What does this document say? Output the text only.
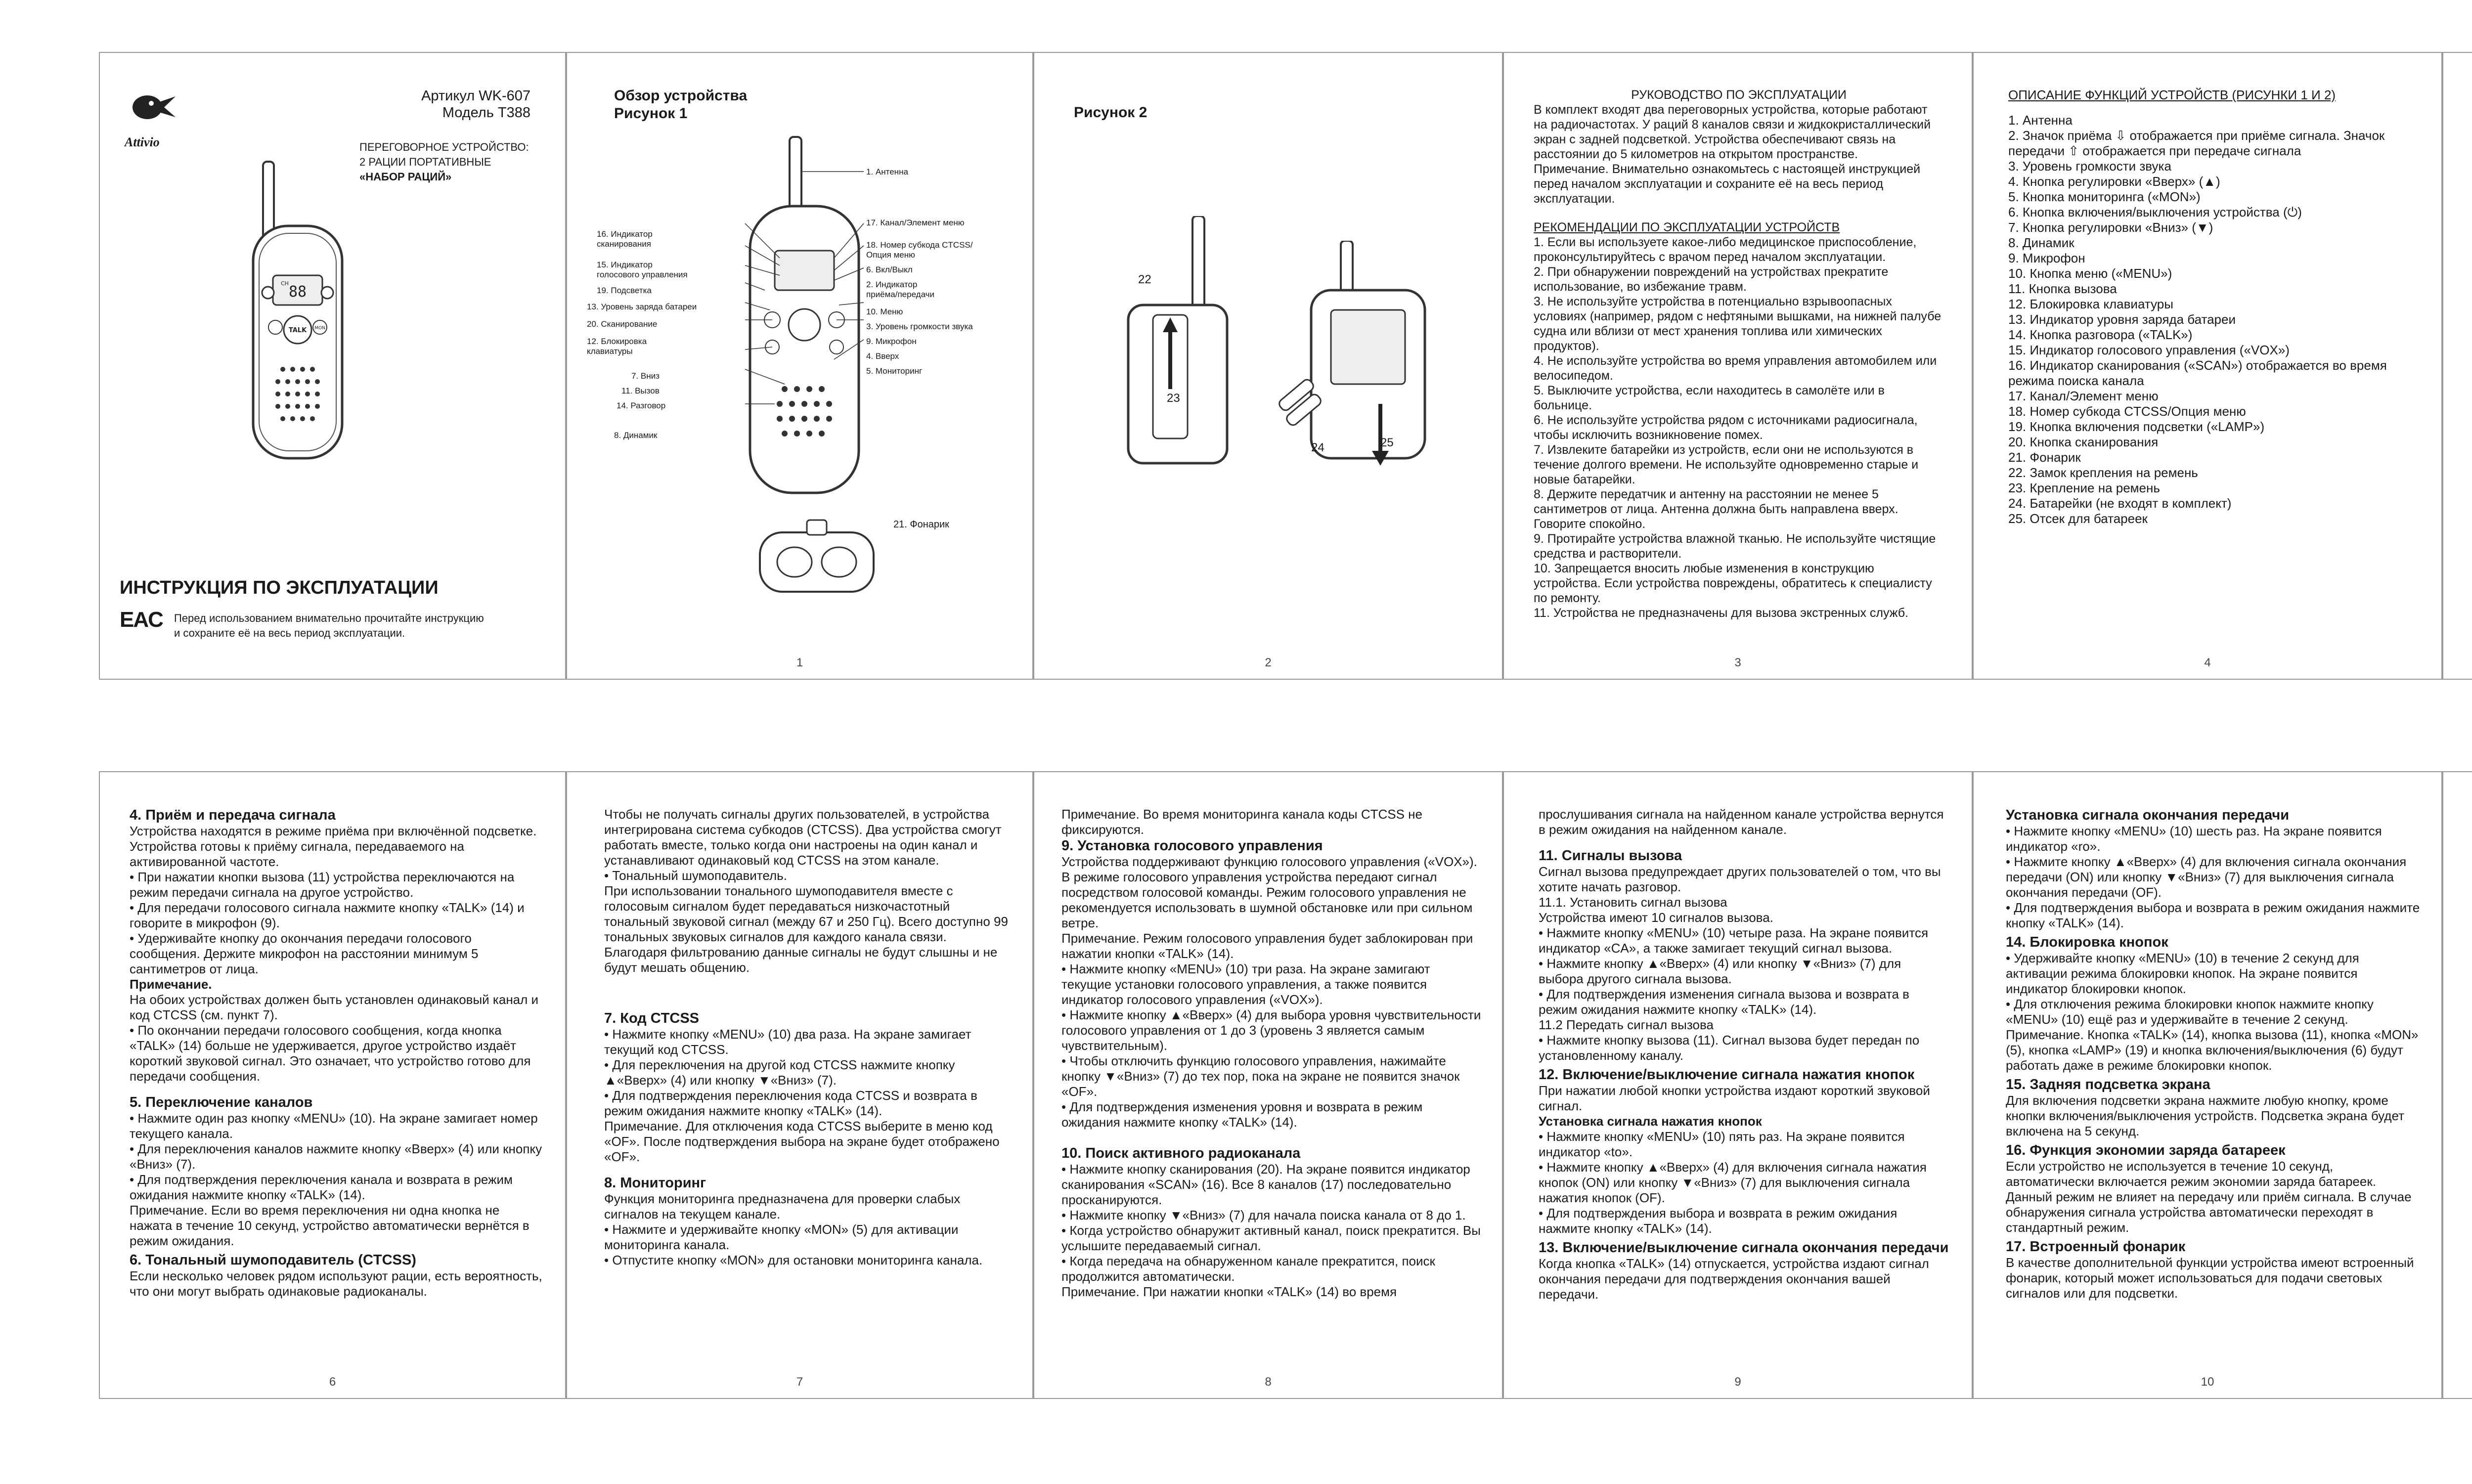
Attivio
Артикул WK-607
Модель T388
ПЕРЕГОВОРНОЕ УСТРОЙСТВО:
2 РАЦИИ ПОРТАТИВНЫЕ
«НАБОР РАЦИЙ»
88
CH
TALK MON
ИНСТРУКЦИЯ ПО ЭКСПЛУАТАЦИИ
EAC Перед использованием внимательно прочитайте инструкцию
и сохраните её на весь период эксплуатации.
Обзор устройства
Рисунок 1
16. Индикатор
сканирования
15. Индикатор
голосового управления
19. Подсветка
13. Уровень заряда батареи
20. Сканирование
12. Блокировка
клавиатуры
7. Вниз
11. Вызов
14. Разговор
8. Динамик
1. Антенна
17. Канал/Элемент меню
18. Номер субкода CTCSS/
Опция меню
6. Вкл/Выкл
2. Индикатор
приёма/передачи
10. Меню
3. Уровень громкости звука
9. Микрофон
4. Вверх
5. Мониторинг
21. Фонарик
1
Рисунок 2
22
23
24	25
2

РУКОВОДСТВО ПО ЭКСПЛУАТАЦИИ

В комплект входят два переговорных устройства, которые работают на радиочастотах. У раций 8 каналов связи и жидкокристаллический экран с задней подсветкой. Устройства обеспечивают связь на расстоянии до 5 километров на открытом пространстве.

Примечание. Внимательно ознакомьтесь с настоящей инструкцией перед началом эксплуатации и сохраните её на весь период эксплуатации.

РЕКОМЕНДАЦИИ ПО ЭКСПЛУАТАЦИИ УСТРОЙСТВ

1. Если вы используете какое-либо медицинское приспособление, проконсультируйтесь с врачом перед началом эксплуатации.

2. При обнаружении повреждений на устройствах прекратите использование, во избежание травм.

3. Не используйте устройства в потенциально взрывоопасных условиях (например, рядом с нефтяными вышками, на нижней палубе судна или вблизи от мест хранения топлива или химических продуктов).

4. Не используйте устройства во время управления автомобилем или велосипедом.

5. Выключите устройства, если находитесь в самолёте или в больнице.

6. Не используйте устройства рядом с источниками радиосигнала, чтобы исключить возникновение помех.

7. Извлеките батарейки из устройств, если они не используются в течение долгого времени. Не используйте одновременно старые и новые батарейки.

8. Держите передатчик и антенну на расстоянии не менее 5 сантиметров от лица. Антенна должна быть направлена вверх. Говорите спокойно.

9. Протирайте устройства влажной тканью. Не используйте чистящие средства и растворители.

10. Запрещается вносить любые изменения в конструкцию устройства. Если устройства повреждены, обратитесь к специалисту по ремонту.

11. Устройства не предназначены для вызова экстренных служб.

3

ОПИСАНИЕ ФУНКЦИЙ УСТРОЙСТВ (РИСУНКИ 1 И 2)

1. Антенна

2. Значок приёма ⇩ отображается при приёме сигнала. Значок передачи ⇧ отображается при передаче сигнала

3. Уровень громкости звука

4. Кнопка регулировки «Вверх» (▲)

5. Кнопка мониторинга («MON»)

6. Кнопка включения/выключения устройства (⏻)

7. Кнопка регулировки «Вниз» (▼)

8. Динамик

9. Микрофон

10. Кнопка меню («MENU»)

11. Кнопка вызова

12. Блокировка клавиатуры

13. Индикатор уровня заряда батареи

14. Кнопка разговора («TALK»)

15. Индикатор голосового управления («VOX»)

16. Индикатор сканирования («SCAN») отображается во время режима поиска канала

17. Канал/Элемент меню

18. Номер субкода CTCSS/Опция меню

19. Кнопка включения подсветки («LAMP»)

20. Кнопка сканирования

21. Фонарик

22. Замок крепления на ремень

23. Крепление на ремень

24. Батарейки (не входят в комплект)

25. Отсек для батареек

4

4. Приём и передача сигнала

Устройства находятся в режиме приёма при включённой подсветке. Устройства готовы к приёму сигнала, передаваемого на активированной частоте.

• При нажатии кнопки вызова (11) устройства переключаются на режим передачи сигнала на другое устройство.

• Для передачи голосового сигнала нажмите кнопку «TALK» (14) и говорите в микрофон (9).

• Удерживайте кнопку до окончания передачи голосового сообщения. Держите микрофон на расстоянии минимум 5 сантиметров от лица.

Примечание.

На обоих устройствах должен быть установлен одинаковый канал и код CTCSS (см. пункт 7).

• По окончании передачи голосового сообщения, когда кнопка «TALK» (14) больше не удерживается, другое устройство издаёт короткий звуковой сигнал. Это означает, что устройство готово для передачи сообщения.

5. Переключение каналов

• Нажмите один раз кнопку «MENU» (10). На экране замигает номер текущего канала.

• Для переключения каналов нажмите кнопку «Вверх» (4) или кнопку «Вниз» (7).

• Для подтверждения переключения канала и возврата в режим ожидания нажмите кнопку «TALK» (14).

Примечание. Если во время переключения ни одна кнопка не нажата в течение 10 секунд, устройство автоматически вернётся в режим ожидания.

6. Тональный шумоподавитель (CTCSS)

Если несколько человек рядом используют рации, есть вероятность, что они могут выбрать одинаковые радиоканалы.

6

Чтобы не получать сигналы других пользователей, в устройства интегрирована система субкодов (CTCSS). Два устройства смогут работать вместе, только когда они настроены на один канал и устанавливают одинаковый код CTCSS на этом канале.

• Тональный шумоподавитель.

При использовании тонального шумоподавителя вместе с голосовым сигналом будет передаваться низкочастотный тональный звуковой сигнал (между 67 и 250 Гц). Всего доступно 99 тональных звуковых сигналов для каждого канала связи. Благодаря фильтрованию данные сигналы не будут слышны и не будут мешать общению.

7. Код CTCSS

• Нажмите кнопку «MENU» (10) два раза. На экране замигает текущий код CTCSS.

• Для переключения на другой код CTCSS нажмите кнопку ▲«Вверх» (4) или кнопку ▼«Вниз» (7).

• Для подтверждения переключения кода CTCSS и возврата в режим ожидания нажмите кнопку «TALK» (14).

Примечание. Для отключения кода CTCSS выберите в меню код «OF». После подтверждения выбора на экране будет отображено «OF».

8. Мониторинг

Функция мониторинга предназначена для проверки слабых сигналов на текущем канале.

• Нажмите и удерживайте кнопку «MON» (5) для активации мониторинга канала.

• Отпустите кнопку «MON» для остановки мониторинга канала.

7

Примечание. Во время мониторинга канала коды CTCSS не фиксируются.

9. Установка голосового управления

Устройства поддерживают функцию голосового управления («VOX»). В режиме голосового управления устройства передают сигнал посредством голосовой команды. Режим голосового управления не рекомендуется использовать в шумной обстановке или при сильном ветре.

Примечание. Режим голосового управления будет заблокирован при нажатии кнопки «TALK» (14).

• Нажмите кнопку «MENU» (10) три раза. На экране замигают текущие установки голосового управления, а также появится индикатор голосового управления («VOX»).

• Нажмите кнопку ▲«Вверх» (4) для выбора уровня чувствительности голосового управления от 1 до 3 (уровень 3 является самым чувствительным).

• Чтобы отключить функцию голосового управления, нажимайте кнопку ▼«Вниз» (7) до тех пор, пока на экране не появится значок «OF».

• Для подтверждения изменения уровня и возврата в режим ожидания нажмите кнопку «TALK» (14).

10. Поиск активного радиоканала

• Нажмите кнопку сканирования (20). На экране появится индикатор сканирования «SCAN» (16). Все 8 каналов (17) последовательно просканируются.

• Нажмите кнопку ▼«Вниз» (7) для начала поиска канала от 8 до 1.

• Когда устройство обнаружит активный канал, поиск прекратится. Вы услышите передаваемый сигнал.

• Когда передача на обнаруженном канале прекратится, поиск продолжится автоматически.

Примечание. При нажатии кнопки «TALK» (14) во время

8

прослушивания сигнала на найденном канале устройства вернутся в режим ожидания на найденном канале.

11. Сигналы вызова

Сигнал вызова предупреждает других пользователей о том, что вы хотите начать разговор.

11.1. Установить сигнал вызова

Устройства имеют 10 сигналов вызова.

• Нажмите кнопку «MENU» (10) четыре раза. На экране появится индикатор «CA», а также замигает текущий сигнал вызова.

• Нажмите кнопку ▲«Вверх» (4) или кнопку ▼«Вниз» (7) для выбора другого сигнала вызова.

• Для подтверждения изменения сигнала вызова и возврата в режим ожидания нажмите кнопку «TALK» (14).

11.2 Передать сигнал вызова

• Нажмите кнопку вызова (11). Сигнал вызова будет передан по установленному каналу.

12. Включение/выключение сигнала нажатия кнопок

При нажатии любой кнопки устройства издают короткий звуковой сигнал.

Установка сигнала нажатия кнопок

• Нажмите кнопку «MENU» (10) пять раз. На экране появится индикатор «to».

• Нажмите кнопку ▲«Вверх» (4) для включения сигнала нажатия кнопок (ON) или кнопку ▼«Вниз» (7) для выключения сигнала нажатия кнопок (OF).

• Для подтверждения выбора и возврата в режим ожидания нажмите кнопку «TALK» (14).

13. Включение/выключение сигнала окончания передачи

Когда кнопка «TALK» (14) отпускается, устройства издают сигнал окончания передачи для подтверждения окончания вашей передачи.

9

Установка сигнала окончания передачи

• Нажмите кнопку «MENU» (10) шесть раз. На экране появится индикатор «ro».

• Нажмите кнопку ▲«Вверх» (4) для включения сигнала окончания передачи (ON) или кнопку ▼«Вниз» (7) для выключения сигнала окончания передачи (OF).

• Для подтверждения выбора и возврата в режим ожидания нажмите кнопку «TALK» (14).

14. Блокировка кнопок

• Удерживайте кнопку «MENU» (10) в течение 2 секунд для активации режима блокировки кнопок. На экране появится индикатор блокировки кнопок.

• Для отключения режима блокировки кнопок нажмите кнопку «MENU» (10) ещё раз и удерживайте в течение 2 секунд.

Примечание. Кнопка «TALK» (14), кнопка вызова (11), кнопка «MON» (5), кнопка «LAMP» (19) и кнопка включения/выключения (6) будут работать даже в режиме блокировки кнопок.

15. Задняя подсветка экрана

Для включения подсветки экрана нажмите любую кнопку, кроме кнопки включения/выключения устройств. Подсветка экрана будет включена на 5 секунд.

16. Функция экономии заряда батареек

Если устройство не используется в течение 10 секунд, автоматически включается режим экономии заряда батареек. Данный режим не влияет на передачу или приём сигнала. В случае обнаружения сигнала устройства автоматически переходят в стандартный режим.

17. Встроенный фонарик

В качестве дополнительной функции устройства имеют встроенный фонарик, который может использоваться для подачи световых сигналов или для подсветки.

10
